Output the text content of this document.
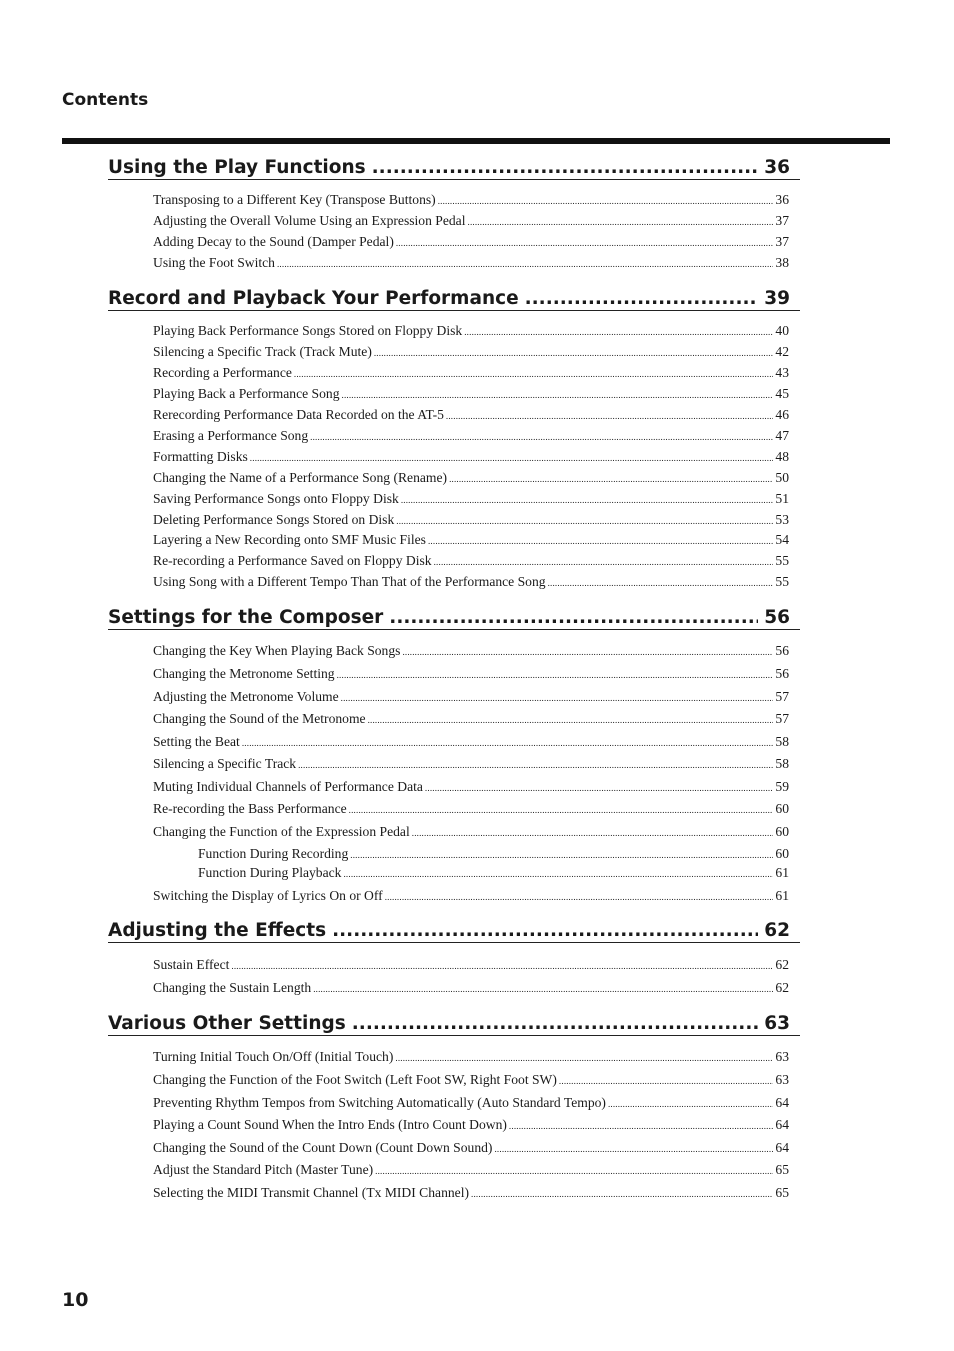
Contents
Using the Play Functions .....	36
Transposing to a Different Key (Transpose Buttons) .....	36
Adjusting the Overall Volume Using an Expression Pedal .....	37
Adding Decay to the Sound (Damper Pedal) .....	37
Using the Foot Switch .....	38
Record and Playback Your Performance .....	39
Playing Back Performance Songs Stored on Floppy Disk .....	40
Silencing a Specific Track (Track Mute) .....	42
Recording a Performance .....	43
Playing Back a Performance Song .....	45
Rerecording Performance Data Recorded on the AT-5 .....	46
Erasing a Performance Song .....	47
Formatting Disks .....	48
Changing the Name of a Performance Song (Rename) .....	50
Saving Performance Songs onto Floppy Disk .....	51
Deleting Performance Songs Stored on Disk .....	53
Layering a New Recording onto SMF Music Files .....	54
Re-recording a Performance Saved on Floppy Disk .....	55
Using Song with a Different Tempo Than That of the Performance Song .....	55
Settings for the Composer .....	56
Changing the Key When Playing Back Songs .....	56
Changing the Metronome Setting .....	56
Adjusting the Metronome Volume .....	57
Changing the Sound of the Metronome .....	57
Setting the Beat .....	58
Silencing a Specific Track .....	58
Muting Individual Channels of Performance Data .....	59
Re-recording the Bass Performance .....	60
Changing the Function of the Expression Pedal .....	60
Function During Recording .....	60
Function During Playback .....	61
Switching the Display of Lyrics On or Off .....	61
Adjusting the Effects .....	62
Sustain Effect .....	62
Changing the Sustain Length .....	62
Various Other Settings .....	63
Turning Initial Touch On/Off (Initial Touch) .....	63
Changing the Function of the Foot Switch (Left Foot SW, Right Foot SW) .....	63
Preventing Rhythm Tempos from Switching Automatically (Auto Standard Tempo) .....	64
Playing a Count Sound When the Intro Ends (Intro Count Down) .....	64
Changing the Sound of the Count Down (Count Down Sound) .....	64
Adjust the Standard Pitch (Master Tune) .....	65
Selecting the MIDI Transmit Channel (Tx MIDI Channel) .....	65
10
